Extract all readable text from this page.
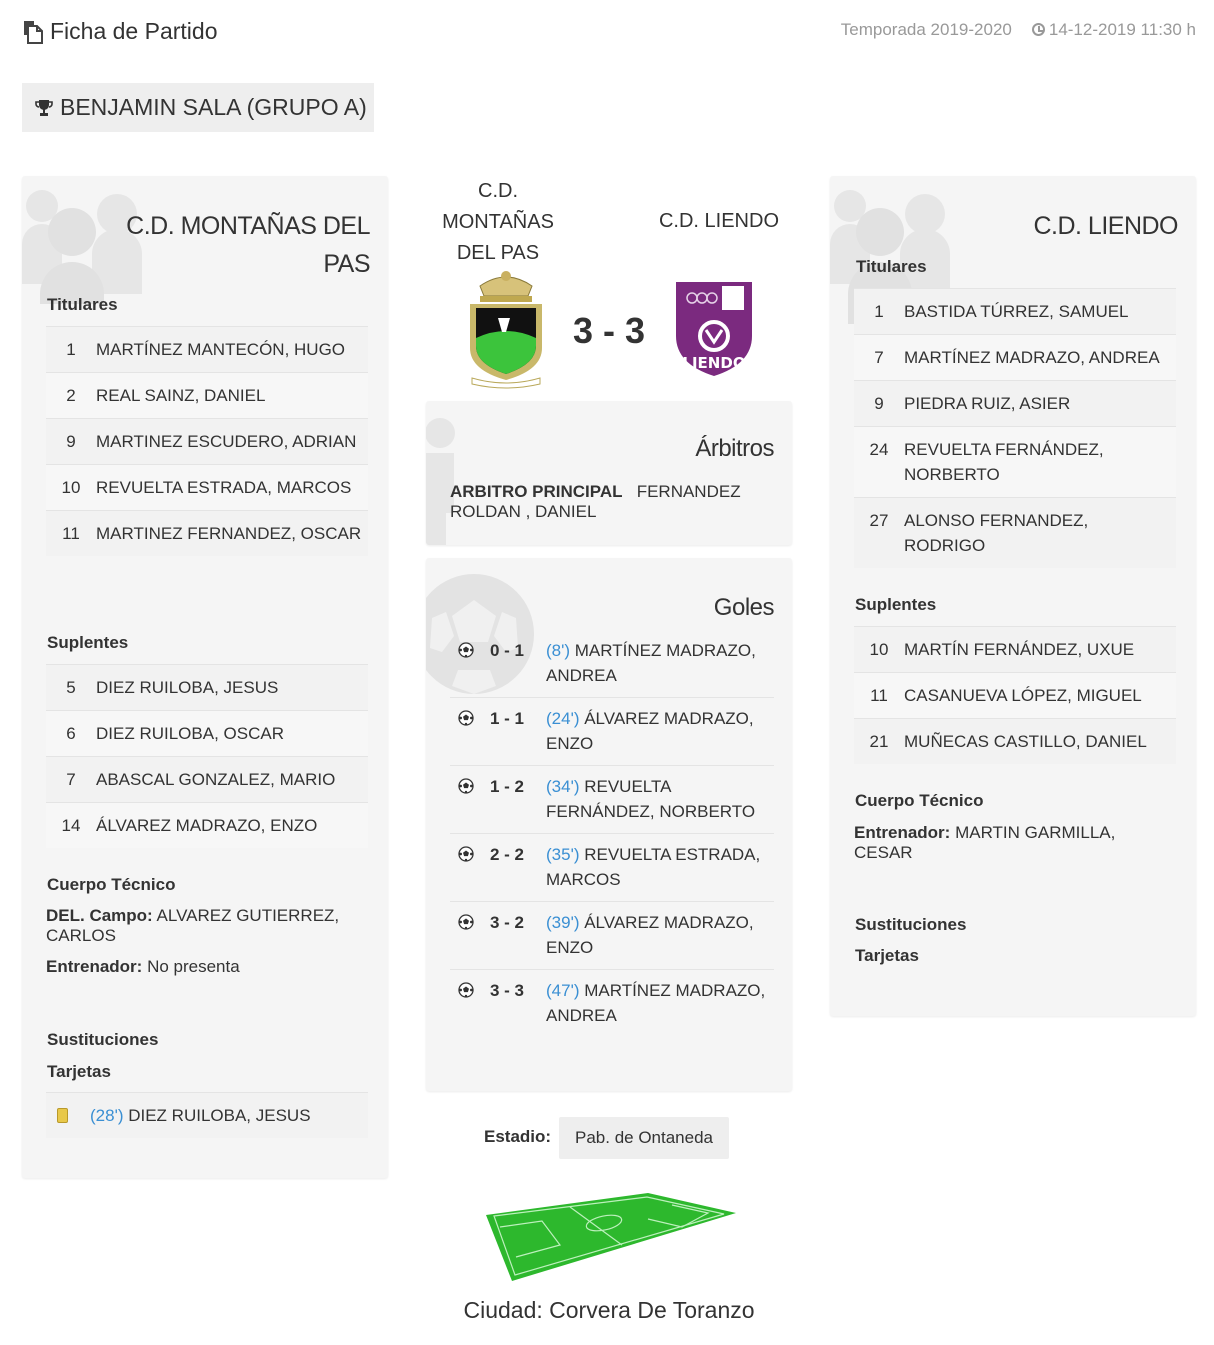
Ficha de Partido	Temporada 2019-2020	14-12-2019 11:30 h
BENJAMIN SALA (GRUPO A)
C.D. MONTAÑAS DEL PAS
Titulares
1	MARTÍNEZ MANTECÓN, HUGO
2	REAL SAINZ, DANIEL
9	MARTINEZ ESCUDERO, ADRIAN
10 REVUELTA ESTRADA, MARCOS
11 MARTINEZ FERNANDEZ, OSCAR
Suplentes
5	DIEZ RUILOBA, JESUS
6	DIEZ RUILOBA, OSCAR
7	ABASCAL GONZALEZ, MARIO
14 ÁLVAREZ MADRAZO, ENZO
Cuerpo Técnico
DEL. Campo: ALVAREZ GUTIERREZ, CARLOS
Entrenador: No presenta
Sustituciones
Tarjetas
(28')
DIEZ RUILOBA, JESUS
C.D. MONTAÑAS DEL PAS
C.D. LIENDO
3 - 3
LIENDO
Árbitros
ARBITRO PRINCIPAL FERNANDEZ ROLDAN , DANIEL
Goles
0 - 1	(8') MARTÍNEZ MADRAZO, ANDREA
1 - 1	(24') ÁLVAREZ MADRAZO, ENZO
1 - 2	(34') REVUELTA FERNÁNDEZ, NORBERTO
2 - 2	(35') REVUELTA ESTRADA, MARCOS
3 - 2	(39') ÁLVAREZ MADRAZO, ENZO
3 - 3	(47') MARTÍNEZ MADRAZO, ANDREA
Estadio:	Pab. de Ontaneda
Ciudad: Corvera De Toranzo
C.D. LIENDO
Titulares
1	BASTIDA TÚRREZ, SAMUEL
7	MARTÍNEZ MADRAZO, ANDREA
9	PIEDRA RUIZ, ASIER
24 REVUELTA FERNÁNDEZ, NORBERTO
27 ALONSO FERNANDEZ, RODRIGO
Suplentes
10 MARTÍN FERNÁNDEZ, UXUE
11 CASANUEVA LÓPEZ, MIGUEL
21 MUÑECAS CASTILLO, DANIEL
Cuerpo Técnico
Entrenador: MARTIN GARMILLA, CESAR
Sustituciones
Tarjetas
